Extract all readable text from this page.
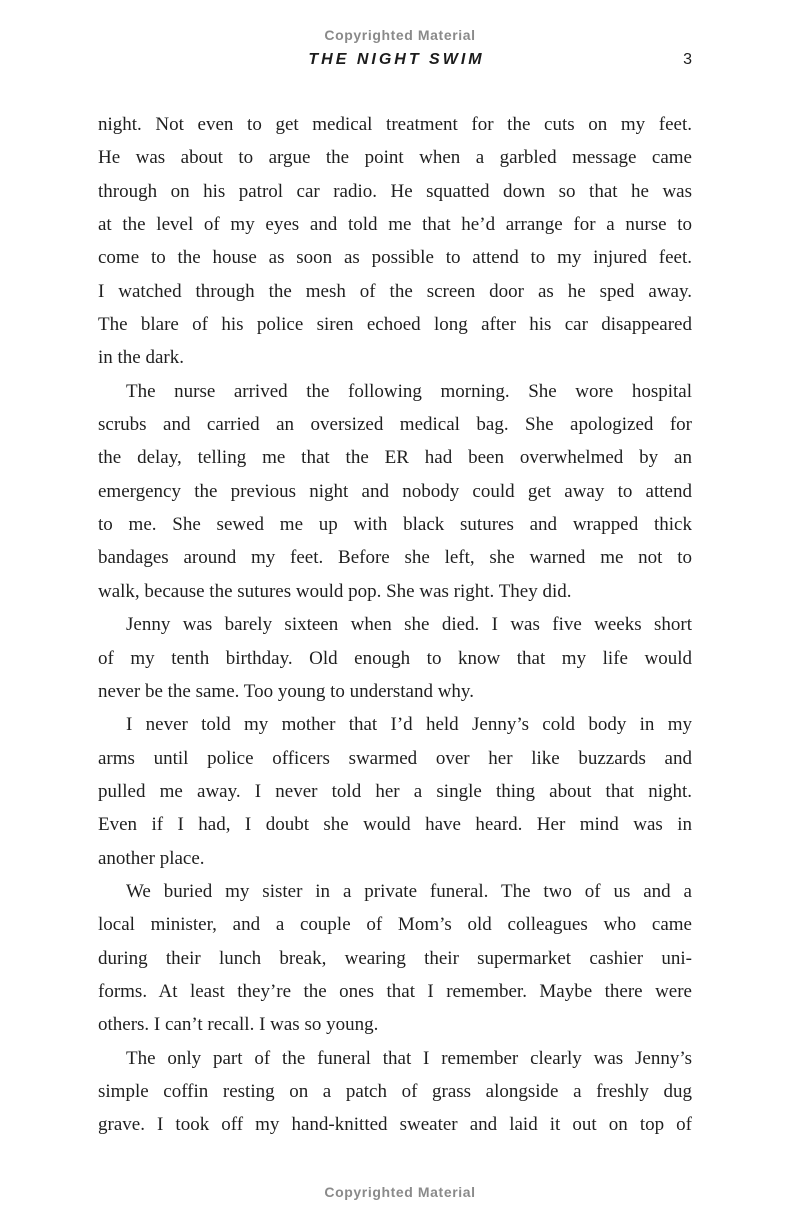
Copyrighted Material
THE NIGHT SWIM	3
night. Not even to get medical treatment for the cuts on my feet.
He was about to argue the point when a garbled message came
through on his patrol car radio. He squatted down so that he was
at the level of my eyes and told me that he’d arrange for a nurse to
come to the house as soon as possible to attend to my injured feet.
I watched through the mesh of the screen door as he sped away.
The blare of his police siren echoed long after his car disappeared
in the dark.
The nurse arrived the following morning. She wore hospital
scrubs and carried an oversized medical bag. She apologized for
the delay, telling me that the ER had been overwhelmed by an
emergency the previous night and nobody could get away to attend
to me. She sewed me up with black sutures and wrapped thick
bandages around my feet. Before she left, she warned me not to
walk, because the sutures would pop. She was right. They did.
Jenny was barely sixteen when she died. I was five weeks short
of my tenth birthday. Old enough to know that my life would
never be the same. Too young to understand why.
I never told my mother that I’d held Jenny’s cold body in my
arms until police officers swarmed over her like buzzards and
pulled me away. I never told her a single thing about that night.
Even if I had, I doubt she would have heard. Her mind was in
another place.
We buried my sister in a private funeral. The two of us and a
local minister, and a couple of Mom’s old colleagues who came
during their lunch break, wearing their supermarket cashier uni-
forms. At least they’re the ones that I remember. Maybe there were
others. I can’t recall. I was so young.
The only part of the funeral that I remember clearly was Jenny’s
simple coffin resting on a patch of grass alongside a freshly dug
grave. I took off my hand-knitted sweater and laid it out on top of
Copyrighted Material
